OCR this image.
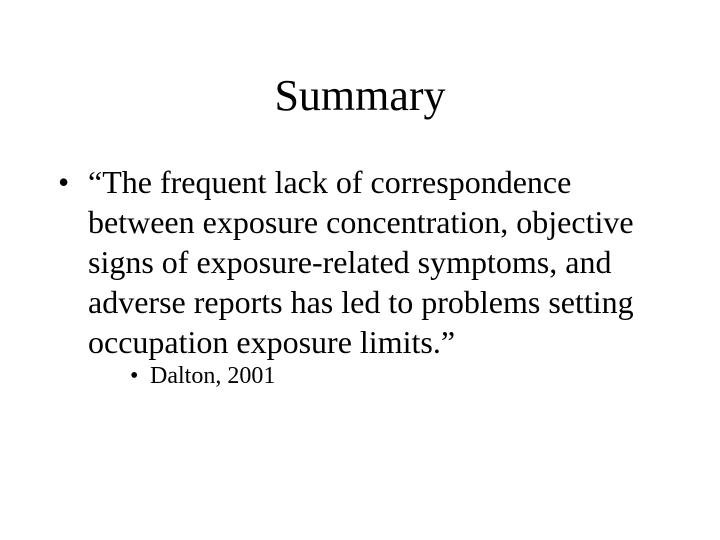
Summary
• “The frequent lack of correspondence
between exposure concentration, objective
signs of exposure-related symptoms, and
adverse reports has led to problems setting
occupation exposure limits.”

• Dalton, 2001
